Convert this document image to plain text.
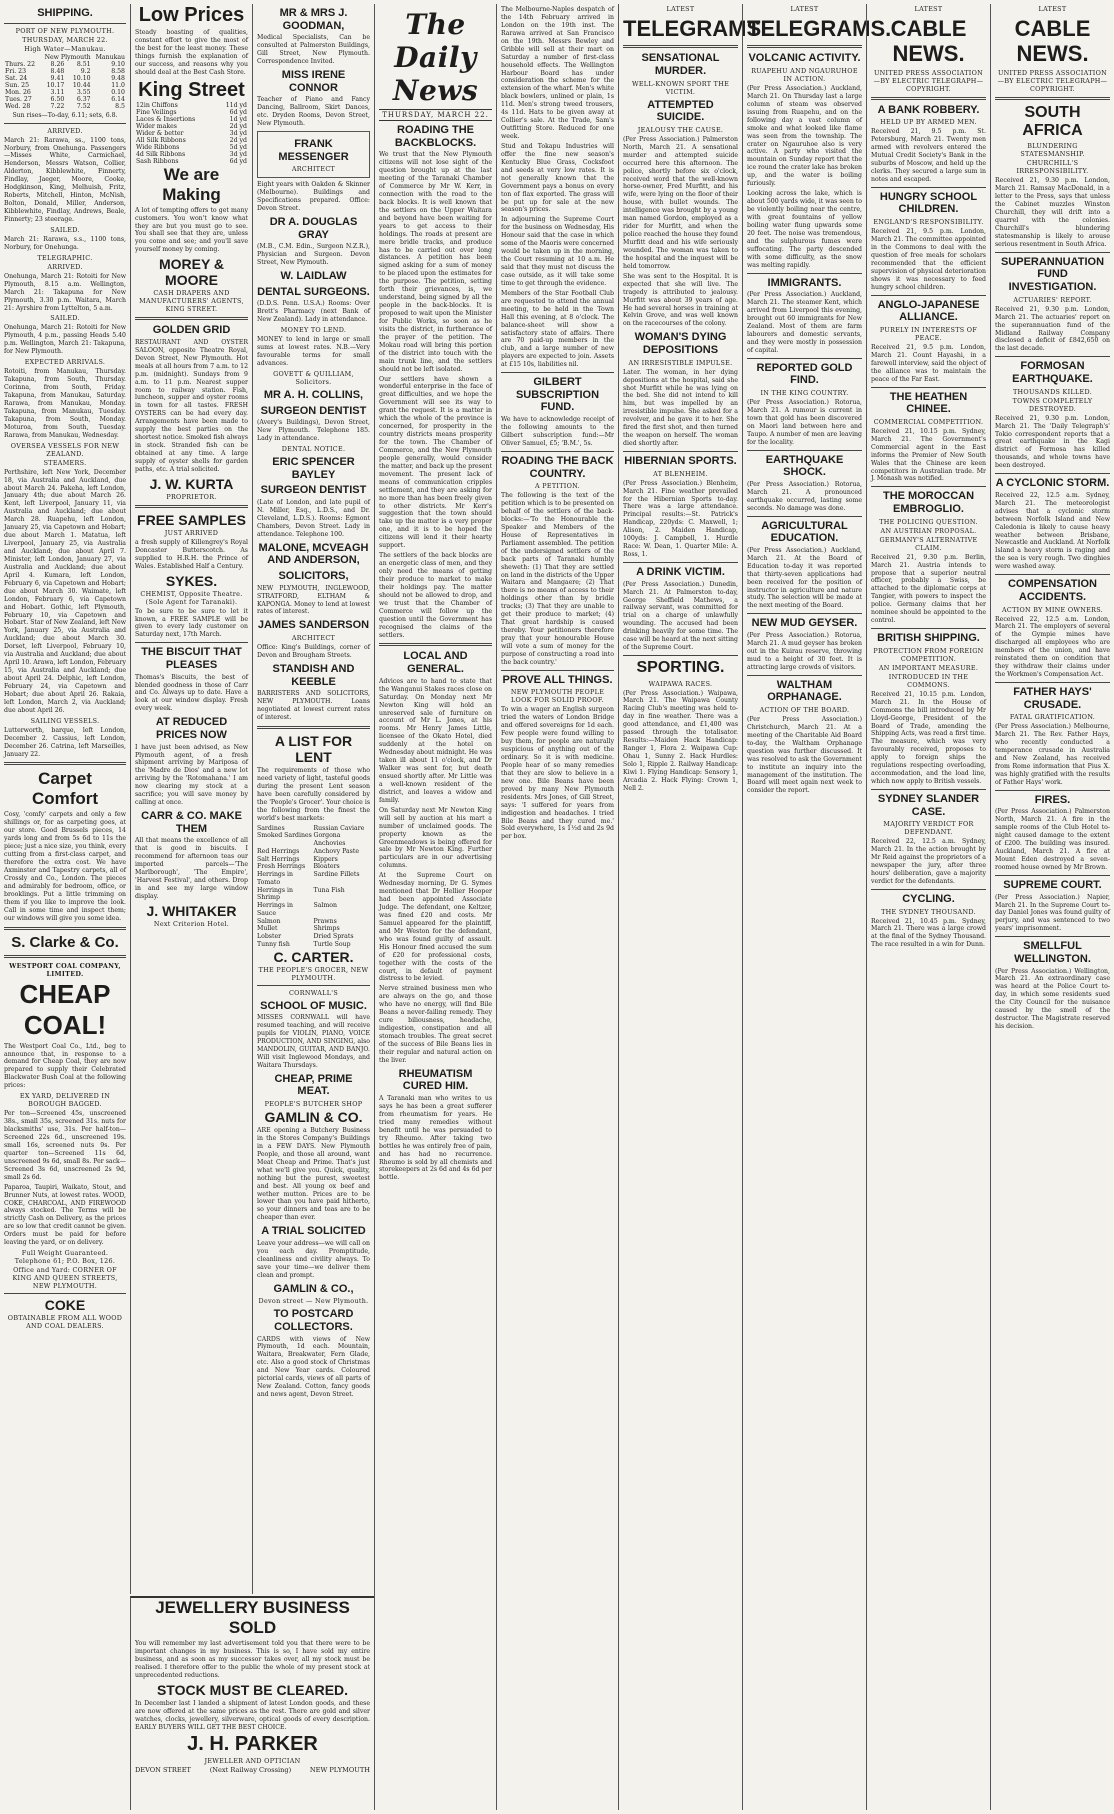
SHIPPING.
PORT OF NEW PLYMOUTH.
THURSDAY, MARCH 22.
High Water—Manukau.
	New Plymouth		Manukau
Thurs. 22	8.26	8.51	9.10
Fri. 23	8.48	9.2	8.58
Sat. 24	9.41	10.10	9.48
Sun. 25	10.17	10.44	11.0
Mon. 26	3.11	3.55	0.10
Tues. 27	6.50	6.37	6.14
Wed. 28	7.22	7.52	8.5
Sun rises—To-day, 6.11; sets, 6.8.
ARRIVED.
March 21: Rarawa, ss., 1100 tons, Norbury, from Onehunga. Passengers—Misses White, Carmichael, Henderson, Messrs Watson, Collier, Alderton, Kibblewhite, Finnerty, Findlay, Jaeger, Moore, Cooke, Hodgkinson, King, Melhuish, Fritz, Roberts, Mitchell, Hinton, McNish, Bolton, Donald, Miller, Anderson, Kibblewhite, Findlay, Andrews, Beale, Finnerty; 23 steerage.
SAILED.
March 21: Rarawa, s.s., 1100 tons, Norbury, for Onehunga.
TELEGRAPHIC.
ARRIVED.
Onehunga, March 21: Rotoiti for New Plymouth, 8.15 a.m. Wellington, March 21: Takapuna for New Plymouth, 3.30 p.m. Waitara, March 21: Ayrshire from Lyttelton, 5 a.m.
SAILED.
Onehunga, March 21: Rotoiti for New Plymouth, 4 p.m., passing Heads 5.40 p.m. Wellington, March 21: Takapuna, for New Plymouth.
EXPECTED ARRIVALS.
Rotoiti, from Manukau, Thursday. Takapuna, from South, Thursday. Corinna, from South, Friday. Takapuna, from Manukau, Saturday. Rarawa, from Manukau, Monday. Takapuna, from Manukau, Tuesday. Takapuna, from South, Monday. Moturoa, from South, Tuesday. Rarawa, from Manukau, Wednesday.
OVERSEA VESSELS FOR NEW ZEALAND.
STEAMERS.
Perthshire, left New York, December 18, via Australia and Auckland, due about March 24. Pakeha, left London, January 4th; due about March 26. Kent, left Liverpool, January 11, via Australia and Auckland; due about March 28. Ruapehu, left London, January 25, via Capetown and Hobart; due about March 1. Matatua, left Liverpool, January 25, via Australia and Auckland; due about April 7. Minister, left London, January 27, via Australia and Auckland; due about April 4. Kumara, left London, February 6, via Capetown and Hobart; due about March 30. Waimate, left London, February 6, via Capetown and Hobart. Gothic, left Plymouth, February 10, via Capetown and Hobart. Star of New Zealand, left New York, January 25, via Australia and Auckland; due about March 30. Dorset, left Liverpool, February 10, via Australia and Auckland; due about April 10. Arawa, left London, February 15, via Australia and Auckland; due about April 24. Delphic, left London, February 24, via Capetown and Hobart; due about April 26. Rakaia, left London, March 2, via Auckland; due about April 26.
SAILING VESSELS.
Lutterworth, barque, left London, December 2. Cassius, left London, December 26. Catrina, left Marseilles, January 22.
Carpet Comfort
Cosy, 'comfy' carpets and only a few shillings or, for as carpeting goes, at our store. Good Brussels pieces, 14 yards long and from 5s 6d to 11s the piece; just a nice size, you think, every cutting from a first-class carpet, and therefore the extra cost. We have Axminster and Tapestry carpets, all of Crossly and Co., London. The pieces and admirably for bedroom, office, or brooklings. Put a little trimming on them if you like to improve the look. Call in some time and inspect them; our windows will give you some idea.
S. Clarke & Co.
WESTPORT COAL COMPANY, LIMITED.
CHEAP COAL!
The Westport Coal Co., Ltd., beg to announce that, in response to a demand for Cheap Coal, they are now prepared to supply their Celebrated Blackwater Bush Coal at the following prices:
EX YARD, DELIVERED IN BOROUGH BAGGED.
Per ton—Screened 45s, unscreened 38s., small 35s, screened 31s. nuts for blacksmiths' use, 31s. Per half-ton—Screened 22s 6d., unscreened 19s. small 16s, screened nuts 9s. Per quarter ton—Screened 11s 6d, unscreened 9s 6d, small 8s. Per sack—Screened 3s 6d, unscreened 2s 9d, small 2s 6d.
Paparoa, Taupiri, Waikato, Stout, and Brunner Nuts, at lowest rates. WOOD, COKE, CHARCOAL, AND FIREWOOD always stocked. The Terms will be strictly Cash on Delivery, as the prices are so low that credit cannot be given. Orders must be paid for before leaving the yard, or on delivery.
Full Weight Guaranteed. Telephone 61; P.O. Box, 126.
Office and Yard: CORNER OF KING AND QUEEN STREETS, NEW PLYMOUTH.
COKE
OBTAINABLE FROM ALL WOOD AND COAL DEALERS.
Low Prices
Steady boasting of qualities, constant effort to give the most of the best for the least money. These things furnish the explanation of our success, and reasons why you should deal at the Best Cash Store.
King Street
12in Chiffons	11d yd
Fine Veilings	6d yd
Laces & Insertions	1d yd
Wider makes	2d yd
Wider & better	3d yd
All Silk Ribbons	2d yd
Wide Ribbons	5d yd
4d Silk Ribbons	3d yd
Sash Ribbons	6d yd
We are Making
A lot of tempting offers to get many customers. You won't know what they are but you must go to see. You shall see that they are, unless you come and see; and you'll save yourself money by coming.
MOREY & MOORE
CASH DRAPERS AND MANUFACTURERS' AGENTS, KING STREET.
GOLDEN GRID
RESTAURANT AND OYSTER SALOON, opposite Theatre Royal, Devon Street, New Plymouth. Hot meals at all hours from 7 a.m. to 12 p.m. (midnight). Sundays from 9 a.m. to 11 p.m. Nearest supper room to railway station. Fish, luncheon, supper and oyster rooms in town for all tastes. FRESH OYSTERS can be had every day. Arrangements have been made to supply the best parties on the shortest notice. Smoked fish always in stock. Stranded fish can be obtained at any time. A large supply of oyster shells for garden paths, etc. A trial solicited.
J. W. KURTA
PROPRIETOR.
FREE SAMPLES
JUST ARRIVED
a fresh supply of Killengrey's Royal Doncaster Butterscotch. As supplied to H.R.H. the Prince of Wales. Established Half a Century.
SYKES.
CHEMIST, Opposite Theatre. (Sole Agent for Taranaki).
To be sure to be sure to let it known, a FREE SAMPLE will be given to every lady customer on Saturday next, 17th March.
THE BISCUIT THAT PLEASES
Thomas's Biscuits, the best of blended goodness in those of Carr and Co. Always up to date. Have a look at our window display. Fresh every week.
AT REDUCED PRICES NOW
I have just been advised, as New Plymouth agent, of a fresh shipment arriving by Mariposa of the 'Madre de Dios' and a new lot arriving by the 'Rotomahana.' I am now clearing my stock at a sacrifice; you will save money by calling at once.
CARR & CO. MAKE THEM
All that means the excellence of all that is good in biscuits. I recommend for afternoon teas our imported parcels—'The Marlborough', 'The Empire', 'Harvest Festival', and others. Drop in and see my large window display.
J. WHITAKER
Next Criterion Hotel.
MR & MRS J. GOODMAN,
Medical Specialists, Can be consulted at Palmerston Buildings, Gill Street, New Plymouth. Correspondence Invited.
MISS IRENE CONNOR
Teacher of Piano and Fancy Dancing, Ballroom, Skirt Dances, etc. Dryden Rooms, Devon Street, New Plymouth.
FRANK MESSENGER
ARCHITECT
Eight years with Oakden & Skinner (Melbourne). Buildings and Specifications prepared. Office: Devon Street.
DR A. DOUGLAS GRAY
(M.B., C.M. Edin., Surgeon N.Z.R.), Physician and Surgeon. Devon Street, New Plymouth.
W. LAIDLAW
DENTAL SURGEONS.
(D.D.S. Penn. U.S.A.) Rooms: Over Brett's Pharmacy (next Bank of New Zealand). Lady in attendance.
MONEY TO LEND.
MONEY to lend in large or small sums at lowest rates. N.B.—Very favourable terms for small advances.
GOVETT & QUILLIAM, Solicitors.
MR A. H. COLLINS,
SURGEON DENTIST
(Avery's Buildings), Devon Street, New Plymouth. Telephone 185. Lady in attendance.
DENTAL NOTICE.
ERIC SPENCER BAYLEY
SURGEON DENTIST
(Late of London, and late pupil of N. Miller, Esq., L.D.S., and Dr. Cleveland, L.D.S.). Rooms: Egmont Chambers, Devon Street. Lady in attendance. Telephone 100.
MALONE, MCVEAGH AND ANDERSON,
SOLICITORS,
NEW PLYMOUTH, INGLEWOOD, STRATFORD, ELTHAM & KAPONGA. Money to lend at lowest rates of interest.
JAMES SANDERSON
ARCHITECT
Office: King's Buildings, corner of Devon and Brougham Streets.
STANDISH AND KEEBLE
BARRISTERS AND SOLICITORS, NEW PLYMOUTH. Loans negotiated at lowest current rates of interest.
A LIST FOR LENT
The requirements of those who need variety of light, tasteful goods during the present Lent season have been carefully considered by the 'People's Grocer'. Your choice is the following from the finest the world's best markets:
Sardines	Russian Caviare
Smoked Sardines Gorgona Anchovies
Red Herrings	Anchovy Paste
Salt Herrings	Kippers
Fresh Herrings	Bloaters
Herrings in Tomato
Sardine Fillets
Herrings in Shrimp
Tuna Fish
Herrings in Sauce
Salmon
Salmon	Prawns
Mullet	Shrimps
Lobster	Dried Sprats
Tunny fish	Turtle Soup
C. CARTER.
THE PEOPLE'S GROCER, NEW PLYMOUTH.
CORNWALL'S
SCHOOL OF MUSIC.
MISSES CORNWALL will have resumed teaching, and will receive pupils for VIOLIN, PIANO, VOICE PRODUCTION, AND SINGING, also MANDOLIN, GUITAR, AND BANJO. Will visit Inglewood Mondays, and Waitara Thursdays.
CHEAP, PRIME MEAT.
PEOPLE'S BUTCHER SHOP
GAMLIN & CO.
ARE opening a Butchery Business in the Stores Company's Buildings in a FEW DAYS. New Plymouth People, and those all around, want Meat Cheap and Prime. That's just what we'll give you. Quick, quality, nothing but the purest, sweetest and best. All young ox beef and wether mutton. Prices are to be lower than you have paid hitherto, so your dinners and teas are to be cheaper than ever.
A TRIAL SOLICITED
Leave your address—we will call on you each day. Promptitude, cleanliness and civility always. To save your time—we deliver them clean and prompt.
GAMLIN & CO.,
Devon street — New Plymouth.
TO POSTCARD COLLECTORS.
CARDS with views of New Plymouth, 1d each. Mountain, Waitara, Breakwater, Fern Glade, etc. Also a good stock of Christmas and New Year cards. Coloured pictorial cards, views of all parts of New Zealand. Cotton, fancy goods and news agent, Devon Street.
JEWELLERY BUSINESS SOLD
You will remember my last advertisement told you that there were to be important changes in my business. This is so, I have sold my entire business, and as soon as my successor takes over, all my stock must be realised. I therefore offer to the public the whole of my present stock at unprecedented reductions.
STOCK MUST BE CLEARED.
In December last I landed a shipment of latest London goods, and these are now offered at the same prices as the rest. There are gold and silver watches, clocks, jewellery, silverware, optical goods of every description. EARLY BUYERS WILL GET THE BEST CHOICE.
J. H. PARKER
JEWELLER AND OPTICIAN
DEVON STREET	(Next Railway Crossing)	NEW PLYMOUTH
The Daily News
THURSDAY, MARCH 22.
ROADING THE BACKBLOCKS.
We trust that the New Plymouth citizens will not lose sight of the question brought up at the last meeting of the Taranaki Chamber of Commerce by Mr W. Kerr, in connection with the road to the back blocks. It is well known that the settlers on the Upper Waitara and beyond have been waiting for years to get access to their holdings. The roads at present are mere bridle tracks, and produce has to be carried out over long distances. A petition has been signed asking for a sum of money to be placed upon the estimates for the purpose. The petition, setting forth their grievances, is, we understand, being signed by all the people in the back-blocks. It is proposed to wait upon the Minister for Public Works, so soon as he visits the district, in furtherance of the prayer of the petition. The Mokau road will bring this portion of the district into touch with the main trunk line, and the settlers should not be left isolated.
Our settlers have shown a wonderful enterprise in the face of great difficulties, and we hope the Government will see its way to grant the request. It is a matter in which the whole of the province is concerned, for prosperity in the country districts means prosperity for the town. The Chamber of Commerce, and the New Plymouth people generally, would consider the matter, and back up the present movement. The present lack of means of communication cripples settlement, and they are asking for no more than has been freely given to other districts. Mr Kerr's suggestion that the town should take up the matter is a very proper one, and it is to be hoped the citizens will lend it their hearty support.
The settlers of the back blocks are an energetic class of men, and they only need the means of getting their produce to market to make their holdings pay. The matter should not be allowed to drop, and we trust that the Chamber of Commerce will follow up the question until the Government has recognised the claims of the settlers.
LOCAL AND GENERAL.
Advices are to hand to state that the Wanganui Stakes races close on Saturday. On Monday next Mr Newton King will hold an unreserved sale of furniture on account of Mr L. Jones, at his rooms. Mr Henry James Little, licensee of the Okato Hotel, died suddenly at the hotel on Wednesday about midnight. He was taken ill about 11 o'clock, and Dr Walker was sent for, but death ensued shortly after. Mr Little was a well-known resident of the district, and leaves a widow and family.
On Saturday next Mr Newton King will sell by auction at his mart a number of unclaimed goods. The property known as the Greenmeadows is being offered for sale by Mr Newton King. Further particulars are in our advertising columns.
At the Supreme Court on Wednesday morning, Dr G. Symes mentioned that Dr Hellier Hooper had been appointed Associate Judge. The defendant, one Keltzer, was fined £20 and costs. Mr Samuel appeared for the plaintiff, and Mr Weston for the defendant, who was found guilty of assault. His Honour fined accused the sum of £20 for professional costs, together with the costs of the court, in default of payment distress to be levied.
Nerve strained business men who are always on the go, and those who have no energy, will find Bile Beans a never-failing remedy. They cure biliousness, headache, indigestion, constipation and all stomach troubles. The great secret of the success of Bile Beans lies in their regular and natural action on the liver.
RHEUMATISM CURED HIM.
A Taranaki man who writes to us says he has been a great sufferer from rheumatism for years. He tried many remedies without benefit until he was persuaded to try Rheumo. After taking two bottles he was entirely free of pain, and has had no recurrence. Rheumo is sold by all chemists and storekeepers at 2s 6d and 4s 6d per bottle.
The Melbourne-Naples despatch of the 14th February arrived in London on the 19th inst. The Rarawa arrived at San Francisco on the 19th. Messrs Bewley and Gribble will sell at their mart on Saturday a number of first-class household effects. The Wellington Harbour Board has under consideration the scheme for the extension of the wharf. Men's white black bowlers, unlined or plain, 1s 11d. Men's strong tweed trousers, 4s 11d. Hats to be given away at Collier's sale. At the Trade, Sam's Outfitting Store. Reduced for one week.
Stud and Tokapu Industries will offer the fine new season's Kentucky Blue Grass, Cocksfoot and seeds at very low rates. It is not generally known that the Government pays a bonus on every ton of flax exported. The grass will be put up for sale at the new season's prices.
In adjourning the Supreme Court for the business on Wednesday, His Honour said that the case in which some of the Maoris were concerned would be taken up in the morning, the Court resuming at 10 a.m. He said that they must not discuss the case outside, as it will take some time to get through the evidence.
Members of the Star Football Club are requested to attend the annual meeting, to be held in the Town Hall this evening, at 8 o'clock. The balance-sheet will show a satisfactory state of affairs. There are 70 paid-up members in the club, and a large number of new players are expected to join. Assets at £15 10s, liabilities nil.
GILBERT SUBSCRIPTION FUND.
We have to acknowledge receipt of the following amounts to the Gilbert subscription fund:—Mr Oliver Samuel, £5; 'B.M.', 5s.
ROADING THE BACK COUNTRY.
A PETITION.
The following is the text of the petition which is to be presented on behalf of the settlers of the back-blocks:—'To the Honourable the Speaker and Members of the House of Representatives in Parliament assembled. The petition of the undersigned settlers of the back parts of Taranaki humbly sheweth: (1) That they are settled on land in the districts of the Upper Waitara and Mangaere; (2) That there is no means of access to their holdings other than by bridle tracks; (3) That they are unable to get their produce to market; (4) That great hardship is caused thereby. Your petitioners therefore pray that your honourable House will vote a sum of money for the purpose of constructing a road into the back country.'
PROVE ALL THINGS.
NEW PLYMOUTH PEOPLE LOOK FOR SOLID PROOF.
To win a wager an English surgeon tried the waters of London Bridge and offered sovereigns for 1d each. Few people were found willing to buy them, for people are naturally suspicious of anything out of the ordinary. So it is with medicine. People hear of so many remedies that they are slow to believe in a new one. Bile Beans have been proved by many New Plymouth residents. Mrs Jones, of Gill Street, says: 'I suffered for years from indigestion and headaches. I tried Bile Beans and they cured me.' Sold everywhere, 1s 1½d and 2s 9d per box.
LATEST
TELEGRAMS
SENSATIONAL MURDER.
WELL-KNOWN SPORT THE VICTIM.
ATTEMPTED SUICIDE.
JEALOUSY THE CAUSE.
(Per Press Association.) Palmerston North, March 21. A sensational murder and attempted suicide occurred here this afternoon. The police, shortly before six o'clock, received word that the well-known horse-owner, Fred Murfitt, and his wife, were lying on the floor of their house, with bullet wounds. The intelligence was brought by a young man named Gordon, employed as a rider for Murfitt, and when the police reached the house they found Murfitt dead and his wife seriously wounded. The woman was taken to the hospital and the inquest will be held tomorrow.
She was sent to the Hospital. It is expected that she will live. The tragedy is attributed to jealousy. Murfitt was about 39 years of age. He had several horses in training at Kelvin Grove, and was well known on the racecourses of the colony.
WOMAN'S DYING DEPOSITIONS
AN IRRESISTIBLE IMPULSE.
Later. The woman, in her dying depositions at the hospital, said she shot Murfitt while he was lying on the bed. She did not intend to kill him, but was impelled by an irresistible impulse. She asked for a revolver, and he gave it to her. She fired the first shot, and then turned the weapon on herself. The woman died shortly after.
HIBERNIAN SPORTS.
AT BLENHEIM.
(Per Press Association.) Blenheim, March 21. Fine weather prevailed for the Hibernian Sports to-day. There was a large attendance. Principal results:—St. Patrick's Handicap, 220yds: C. Maxwell, 1; Alison, 2. Maiden Handicap, 100yds: J. Campbell, 1. Hurdle Race: W. Dean, 1. Quarter Mile: A. Ross, 1.
A DRINK VICTIM.
(Per Press Association.) Dunedin, March 21. At Palmerston to-day, George Sheffield Mathews, a railway servant, was committed for trial on a charge of unlawfully wounding. The accused had been drinking heavily for some time. The case will be heard at the next sitting of the Supreme Court.
SPORTING.
WAIPAWA RACES.
(Per Press Association.) Waipawa, March 21. The Waipawa County Racing Club's meeting was held to-day in fine weather. There was a good attendance, and £1,400 was passed through the totalisator. Results:—Maiden Hack Handicap: Ranger 1, Flora 2. Waipawa Cup: Ohau 1, Sunny 2. Hack Hurdles: Solo 1, Ripple 2. Railway Handicap: Kiwi 1. Flying Handicap: Sensory 1, Arcadia 2. Hack Flying: Crown 1, Nell 2.
LATEST
TELEGRAMS.
VOLCANIC ACTIVITY.
RUAPEHU AND NGAURUHOE IN ACTION.
(Per Press Association.) Auckland, March 21. On Thursday last a large column of steam was observed issuing from Ruapehu, and on the following day a vast column of smoke and what looked like flame was seen from the township. The crater on Ngauruhoe also is very active. A party who visited the mountain on Sunday report that the ice round the crater lake has broken up, and the water is boiling furiously.
Looking across the lake, which is about 500 yards wide, it was seen to be violently boiling near the centre, with great fountains of yellow boiling water flung upwards some 20 feet. The noise was tremendous, and the sulphurous fumes were suffocating. The party descended with some difficulty, as the snow was melting rapidly.
IMMIGRANTS.
(Per Press Association.) Auckland, March 21. The steamer Kent, which arrived from Liverpool this evening, brought out 60 immigrants for New Zealand. Most of them are farm labourers and domestic servants, and they were mostly in possession of capital.
REPORTED GOLD FIND.
IN THE KING COUNTRY.
(Per Press Association.) Rotorua, March 21. A rumour is current in town that gold has been discovered on Maori land between here and Taupo. A number of men are leaving for the locality.
EARTHQUAKE SHOCK.
(Per Press Association.) Rotorua, March 21. A pronounced earthquake occurred, lasting some seconds. No damage was done.
AGRICULTURAL EDUCATION.
(Per Press Association.) Auckland, March 21. At the Board of Education to-day it was reported that thirty-seven applications had been received for the position of instructor in agriculture and nature study. The selection will be made at the next meeting of the Board.
NEW MUD GEYSER.
(Per Press Association.) Rotorua, March 21. A mud geyser has broken out in the Kuirau reserve, throwing mud to a height of 30 feet. It is attracting large crowds of visitors.
WALTHAM ORPHANAGE.
ACTION OF THE BOARD.
(Per Press Association.) Christchurch, March 21. At a meeting of the Charitable Aid Board to-day, the Waltham Orphanage question was further discussed. It was resolved to ask the Government to institute an inquiry into the management of the institution. The Board will meet again next week to consider the report.
LATEST
CABLE NEWS.
UNITED PRESS ASSOCIATION—BY ELECTRIC TELEGRAPH—COPYRIGHT.
A BANK ROBBERY.
HELD UP BY ARMED MEN.
Received 21, 9.5 p.m. St. Petersburg, March 21. Twenty men armed with revolvers entered the Mutual Credit Society's Bank in the suburbs of Moscow, and held up the clerks. They secured a large sum in notes and escaped.
HUNGRY SCHOOL CHILDREN.
ENGLAND'S RESPONSIBILITY.
Received 21, 9.5 p.m. London, March 21. The committee appointed in the Commons to deal with the question of free meals for scholars recommended that the efficient supervision of physical deterioration shows it was necessary to feed hungry school children.
ANGLO-JAPANESE ALLIANCE.
PURELY IN INTERESTS OF PEACE.
Received 21, 9.5 p.m. London, March 21. Count Hayashi, in a farewell interview, said the object of the alliance was to maintain the peace of the Far East.
THE HEATHEN CHINEE.
COMMERCIAL COMPETITION.
Received 21, 10.15 p.m. Sydney, March 21. The Government's Commercial agent in the East informs the Premier of New South Wales that the Chinese are keen competitors in Australian trade. Mr J. Monash was notified.
THE MOROCCAN EMBROGLIO.
THE POLICING QUESTION.
AN AUSTRIAN PROPOSAL.
GERMANY'S ALTERNATIVE CLAIM.
Received 21, 9.30 p.m. Berlin, March 21. Austria intends to propose that a superior neutral officer, probably a Swiss, be attached to the diplomatic corps at Tangier, with powers to inspect the police. Germany claims that her nominee should be appointed to the control.
BRITISH SHIPPING.
PROTECTION FROM FOREIGN COMPETITION.
AN IMPORTANT MEASURE.
INTRODUCED IN THE COMMONS.
Received 21, 10.15 p.m. London, March 21. In the House of Commons the bill introduced by Mr Lloyd-George, President of the Board of Trade, amending the Shipping Acts, was read a first time. The measure, which was very favourably received, proposes to apply to foreign ships the regulations respecting overloading, accommodation, and the load line, which now apply to British vessels.
SYDNEY SLANDER CASE.
MAJORITY VERDICT FOR DEFENDANT.
Received 22, 12.5 a.m. Sydney, March 21. In the action brought by Mr Reid against the proprietors of a newspaper the jury, after three hours' deliberation, gave a majority verdict for the defendants.
CYCLING.
THE SYDNEY THOUSAND.
Received 21, 10.45 p.m. Sydney, March 21. There was a large crowd at the final of the Sydney Thousand. The race resulted in a win for Dunn.
LATEST
CABLE NEWS.
UNITED PRESS ASSOCIATION—BY ELECTRIC TELEGRAPH—COPYRIGHT.
SOUTH AFRICA
BLUNDERING STATESMANSHIP.
CHURCHILL'S IRRESPONSIBILITY.
Received 21, 9.30 p.m. London, March 21. Ramsay MacDonald, in a letter to the Press, says that unless the Cabinet muzzles Winston Churchill, they will drift into a quarrel with the colonies. Churchill's blundering statesmanship is likely to arouse serious resentment in South Africa.
SUPERANNUATION FUND INVESTIGATION.
ACTUARIES' REPORT.
Received 21, 9.30 p.m. London, March 21. The actuaries' report on the superannuation fund of the Midland Railway Company disclosed a deficit of £842,650 on the last decade.
FORMOSAN EARTHQUAKE.
THOUSANDS KILLED.
TOWNS COMPLETELY DESTROYED.
Received 21, 9.30 p.m. London, March 21. The 'Daily Telegraph's' Tokio correspondent reports that a great earthquake in the Kagi district of Formosa has killed thousands, and whole towns have been destroyed.
A CYCLONIC STORM.
Received 22, 12.5 a.m. Sydney, March 21. The meteorologist advises that a cyclonic storm between Norfolk Island and New Caledonia is likely to cause heavy weather between Brisbane, Newcastle and Auckland. At Norfolk Island a heavy storm is raging and the sea is very rough. Two dinghies were washed away.
COMPENSATION ACCIDENTS.
ACTION BY MINE OWNERS.
Received 22, 12.5 a.m. London, March 21. The employers of several of the Gympie mines have discharged all employees who are members of the union, and have reinstated them on condition that they withdraw their claims under the Workmen's Compensation Act.
FATHER HAYS' CRUSADE.
FATAL GRATIFICATION.
(Per Press Association.) Melbourne, March 21. The Rev. Father Hays, who recently conducted a temperance crusade in Australia and New Zealand, has received from Rome information that Pius X. was highly gratified with the results of Father Hays' work.
FIRES.
(Per Press Association.) Palmerston North, March 21. A fire in the sample rooms of the Club Hotel to-night caused damage to the extent of £200. The building was insured. Auckland, March 21. A fire at Mount Eden destroyed a seven-roomed house owned by Mr Brown.
SUPREME COURT.
(Per Press Association.) Napier, March 21. In the Supreme Court to-day Daniel Jones was found guilty of perjury, and was sentenced to two years' imprisonment.
SMELLFUL WELLINGTON.
(Per Press Association.) Wellington, March 21. An extraordinary case was heard at the Police Court to-day, in which some residents sued the City Council for the nuisance caused by the smell of the destructor. The Magistrate reserved his decision.
